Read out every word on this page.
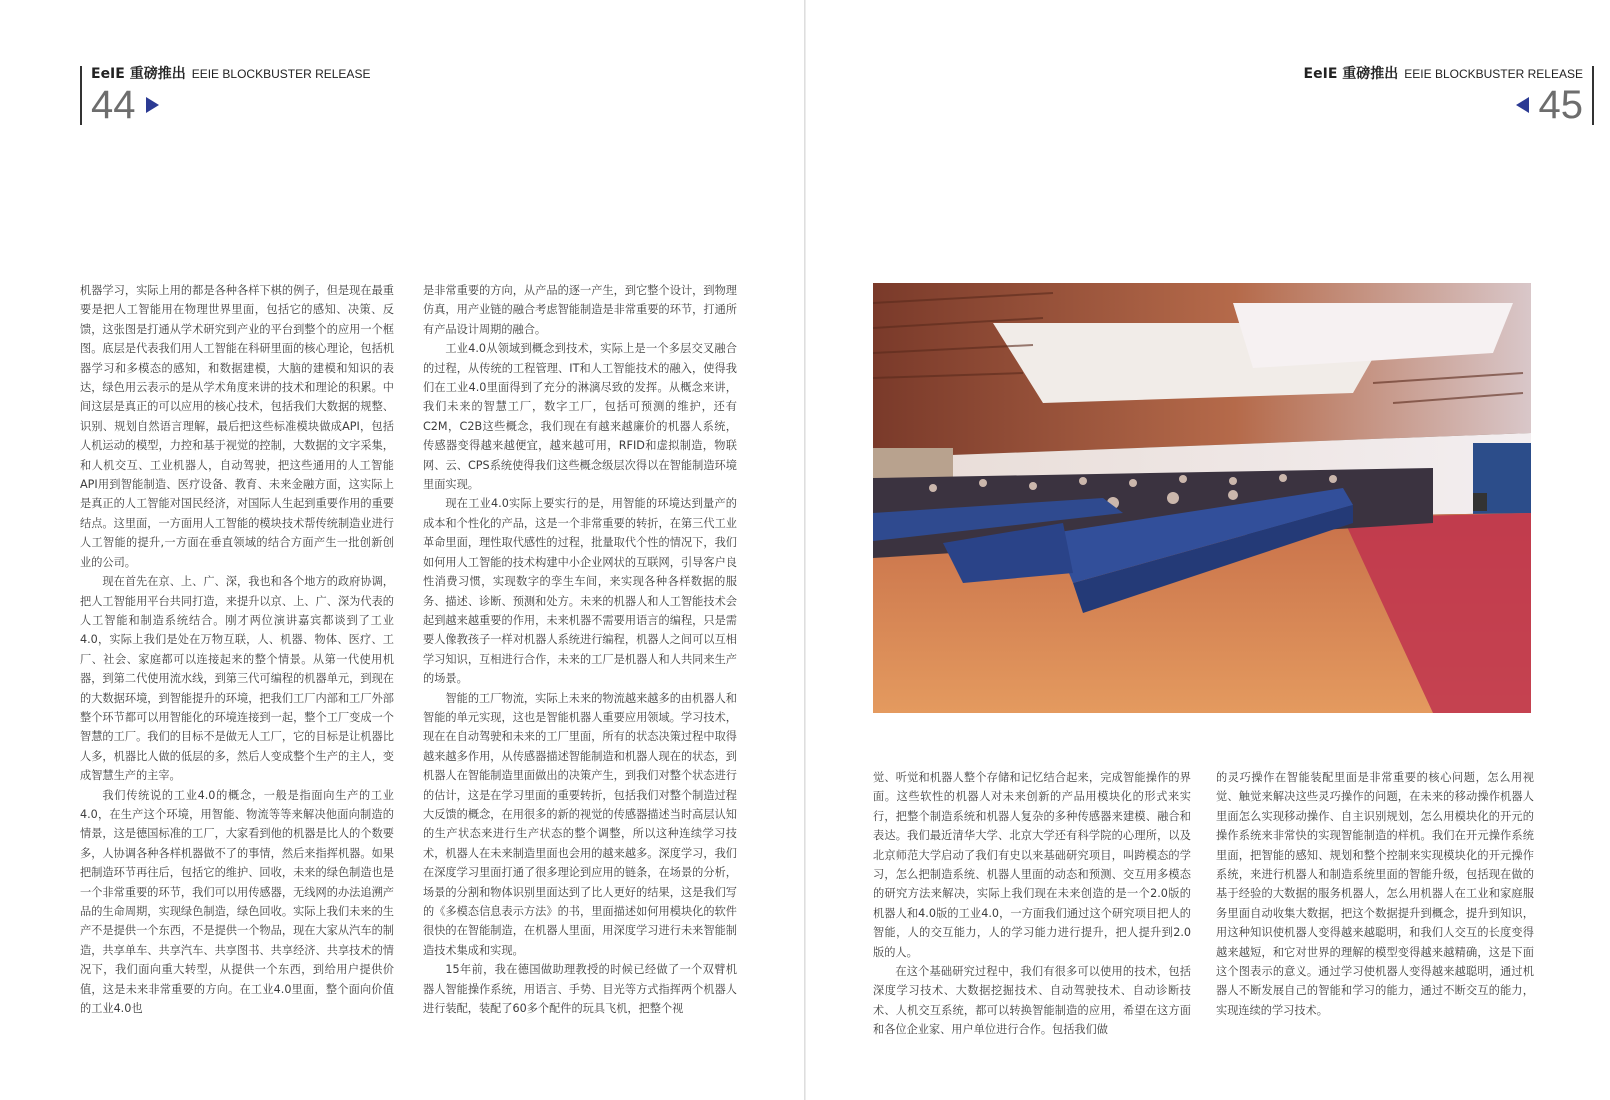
EeIE 重磅推出 EEIE BLOCKBUSTER RELEASE
44

机器学习，实际上用的都是各种各样下棋的例子，但是现在最重要是把人工智能用在物理世界里面，包括它的感知、决策、反馈，这张图是打通从学术研究到产业的平台到整个的应用一个框图。底层是代表我们用人工智能在科研里面的核心理论，包括机器学习和多模态的感知，和数据建模，大脑的建模和知识的表达，绿色用云表示的是从学术角度来讲的技术和理论的积累。中间这层是真正的可以应用的核心技术，包括我们大数据的规整、识别、规划自然语言理解，最后把这些标准模块做成API，包括人机运动的模型，力控和基于视觉的控制，大数据的文字采集，和人机交互、工业机器人，自动驾驶，把这些通用的人工智能API用到智能制造、医疗设备、教育、未来金融方面，这实际上是真正的人工智能对国民经济，对国际人生起到重要作用的重要结点。这里面，一方面用人工智能的模块技术帮传统制造业进行人工智能的提升,一方面在垂直领域的结合方面产生一批创新创业的公司。

现在首先在京、上、广、深，我也和各个地方的政府协调，把人工智能用平台共同打造，来提升以京、上、广、深为代表的人工智能和制造系统结合。刚才两位演讲嘉宾都谈到了工业4.0，实际上我们是处在万物互联，人、机器、物体、医疗、工厂、社会、家庭都可以连接起来的整个情景。从第一代使用机器，到第二代使用流水线，到第三代可编程的机器单元，到现在的大数据环境，到智能提升的环境，把我们工厂内部和工厂外部整个环节都可以用智能化的环境连接到一起，整个工厂变成一个智慧的工厂。我们的目标不是做无人工厂，它的目标是让机器比人多，机器比人做的低层的多，然后人变成整个生产的主人，变成智慧生产的主宰。

我们传统说的工业4.0的概念，一般是指面向生产的工业4.0，在生产这个环境，用智能、物流等等来解决他面向制造的情景，这是德国标准的工厂，大家看到他的机器是比人的个数要多，人协调各种各样机器做不了的事情，然后来指挥机器。如果把制造环节再往后，包括它的维护、回收，未来的绿色制造也是一个非常重要的环节，我们可以用传感器，无线网的办法追溯产品的生命周期，实现绿色制造，绿色回收。实际上我们未来的生产不是提供一个东西，不是提供一个物品，现在大家从汽车的制造，共享单车、共享汽车、共享图书、共享经济、共享技术的情况下，我们面向重大转型，从提供一个东西，到给用户提供价值，这是未来非常重要的方向。在工业4.0里面，整个面向价值的工业4.0也

是非常重要的方向，从产品的逐一产生，到它整个设计，到物理仿真，用产业链的融合考虑智能制造是非常重要的环节，打通所有产品设计周期的融合。

工业4.0从领域到概念到技术，实际上是一个多层交叉融合的过程，从传统的工程管理、IT和人工智能技术的融入，使得我们在工业4.0里面得到了充分的淋漓尽致的发挥。从概念来讲，我们未来的智慧工厂，数字工厂，包括可预测的维护，还有C2M，C2B这些概念，我们现在有越来越廉价的机器人系统，传感器变得越来越便宜，越来越可用，RFID和虚拟制造，物联网、云、CPS系统使得我们这些概念级层次得以在智能制造环境里面实现。

现在工业4.0实际上要实行的是，用智能的环境达到量产的成本和个性化的产品，这是一个非常重要的转折，在第三代工业革命里面，理性取代感性的过程，批量取代个性的情况下，我们如何用人工智能的技术构建中小企业网状的互联网，引导客户良性消费习惯，实现数字的孪生车间，来实现各种各样数据的服务、描述、诊断、预测和处方。未来的机器人和人工智能技术会起到越来越重要的作用，未来机器不需要用语言的编程，只是需要人像教孩子一样对机器人系统进行编程，机器人之间可以互相学习知识，互相进行合作，未来的工厂是机器人和人共同来生产的场景。

智能的工厂物流，实际上未来的物流越来越多的由机器人和智能的单元实现，这也是智能机器人重要应用领域。学习技术，现在在自动驾驶和未来的工厂里面，所有的状态决策过程中取得越来越多作用，从传感器描述智能制造和机器人现在的状态，到机器人在智能制造里面做出的决策产生，到我们对整个状态进行的估计，这是在学习里面的重要转折，包括我们对整个制造过程大反馈的概念，在用很多的新的视觉的传感器描述当时高层认知的生产状态来进行生产状态的整个调整，所以这种连续学习技术，机器人在未来制造里面也会用的越来越多。深度学习，我们在深度学习里面打通了很多理论到应用的链条，在场景的分析，场景的分割和物体识别里面达到了比人更好的结果，这是我们写的《多模态信息表示方法》的书，里面描述如何用模块化的软件很快的在智能制造，在机器人里面，用深度学习进行未来智能制造技术集成和实现。

15年前，我在德国做助理教授的时候已经做了一个双臂机器人智能操作系统，用语言、手势、目光等方式指挥两个机器人进行装配，装配了60多个配件的玩具飞机，把整个视

EeIE 重磅推出 EEIE BLOCKBUSTER RELEASE
45

觉、听觉和机器人整个存储和记忆结合起来，完成智能操作的界面。这些软性的机器人对未来创新的产品用模块化的形式来实行，把整个制造系统和机器人复杂的多种传感器来建模、融合和表达。我们最近清华大学、北京大学还有科学院的心理所，以及北京师范大学启动了我们有史以来基础研究项目，叫跨模态的学习，怎么把制造系统、机器人里面的动态和预测、交互用多模态的研究方法来解决，实际上我们现在未来创造的是一个2.0版的机器人和4.0版的工业4.0，一方面我们通过这个研究项目把人的智能，人的交互能力，人的学习能力进行提升，把人提升到2.0版的人。

在这个基础研究过程中，我们有很多可以使用的技术，包括深度学习技术、大数据挖掘技术、自动驾驶技术、自动诊断技术、人机交互系统，都可以转换智能制造的应用，希望在这方面和各位企业家、用户单位进行合作。包括我们做

的灵巧操作在智能装配里面是非常重要的核心问题，怎么用视觉、触觉来解决这些灵巧操作的问题，在未来的移动操作机器人里面怎么实现移动操作、自主识别规划，怎么用模块化的开元的操作系统来非常快的实现智能制造的样机。我们在开元操作系统里面，把智能的感知、规划和整个控制来实现模块化的开元操作系统，来进行机器人和制造系统里面的智能升级，包括现在做的基于经验的大数据的服务机器人，怎么用机器人在工业和家庭服务里面自动收集大数据，把这个数据提升到概念，提升到知识，用这种知识使机器人变得越来越聪明，和我们人交互的长度变得越来越短，和它对世界的理解的模型变得越来越精确，这是下面这个图表示的意义。通过学习使机器人变得越来越聪明，通过机器人不断发展自己的智能和学习的能力，通过不断交互的能力，实现连续的学习技术。
